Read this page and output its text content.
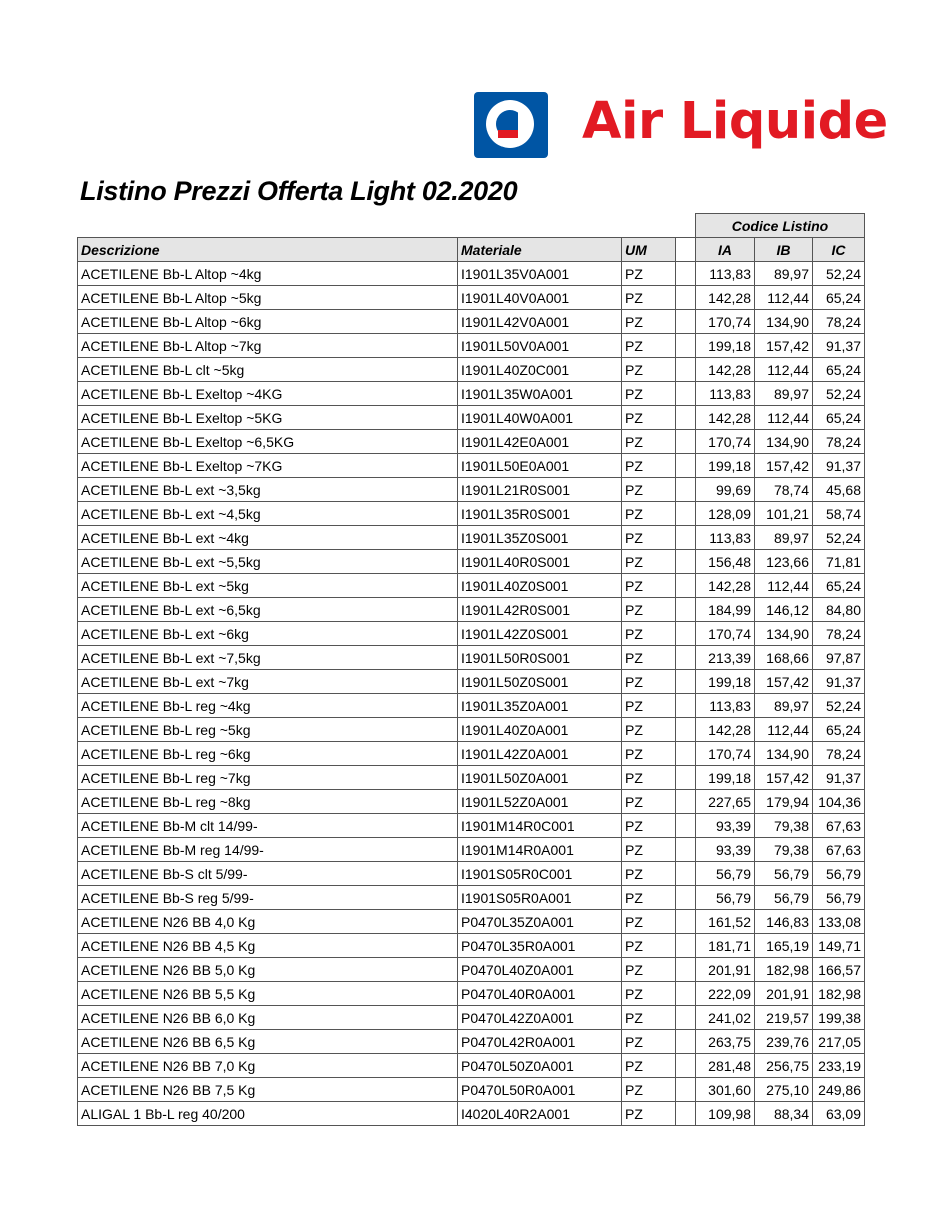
Air Liquide
Listino Prezzi Offerta Light 02.2020
				Codice Listino		
Descrizione	Materiale	UM		IA	IB	IC
ACETILENE Bb-L Altop ~4kg	I1901L35V0A001	PZ		113,83	89,97	52,24
ACETILENE Bb-L Altop ~5kg	I1901L40V0A001	PZ		142,28	112,44	65,24
ACETILENE Bb-L Altop ~6kg	I1901L42V0A001	PZ		170,74	134,90	78,24
ACETILENE Bb-L Altop ~7kg	I1901L50V0A001	PZ		199,18	157,42	91,37
ACETILENE Bb-L clt ~5kg	I1901L40Z0C001	PZ		142,28	112,44	65,24
ACETILENE Bb-L Exeltop ~4KG	I1901L35W0A001	PZ		113,83	89,97	52,24
ACETILENE Bb-L Exeltop ~5KG	I1901L40W0A001	PZ		142,28	112,44	65,24
ACETILENE Bb-L Exeltop ~6,5KG	I1901L42E0A001	PZ		170,74	134,90	78,24
ACETILENE Bb-L Exeltop ~7KG	I1901L50E0A001	PZ		199,18	157,42	91,37
ACETILENE Bb-L ext ~3,5kg	I1901L21R0S001	PZ		99,69	78,74	45,68
ACETILENE Bb-L ext ~4,5kg	I1901L35R0S001	PZ		128,09	101,21	58,74
ACETILENE Bb-L ext ~4kg	I1901L35Z0S001	PZ		113,83	89,97	52,24
ACETILENE Bb-L ext ~5,5kg	I1901L40R0S001	PZ		156,48	123,66	71,81
ACETILENE Bb-L ext ~5kg	I1901L40Z0S001	PZ		142,28	112,44	65,24
ACETILENE Bb-L ext ~6,5kg	I1901L42R0S001	PZ		184,99	146,12	84,80
ACETILENE Bb-L ext ~6kg	I1901L42Z0S001	PZ		170,74	134,90	78,24
ACETILENE Bb-L ext ~7,5kg	I1901L50R0S001	PZ		213,39	168,66	97,87
ACETILENE Bb-L ext ~7kg	I1901L50Z0S001	PZ		199,18	157,42	91,37
ACETILENE Bb-L reg ~4kg	I1901L35Z0A001	PZ		113,83	89,97	52,24
ACETILENE Bb-L reg ~5kg	I1901L40Z0A001	PZ		142,28	112,44	65,24
ACETILENE Bb-L reg ~6kg	I1901L42Z0A001	PZ		170,74	134,90	78,24
ACETILENE Bb-L reg ~7kg	I1901L50Z0A001	PZ		199,18	157,42	91,37
ACETILENE Bb-L reg ~8kg	I1901L52Z0A001	PZ		227,65	179,94	104,36
ACETILENE Bb-M clt 14/99-	I1901M14R0C001	PZ		93,39	79,38	67,63
ACETILENE Bb-M reg 14/99-	I1901M14R0A001	PZ		93,39	79,38	67,63
ACETILENE Bb-S clt 5/99-	I1901S05R0C001	PZ		56,79	56,79	56,79
ACETILENE Bb-S reg 5/99-	I1901S05R0A001	PZ		56,79	56,79	56,79
ACETILENE N26 BB 4,0 Kg	P0470L35Z0A001	PZ		161,52	146,83	133,08
ACETILENE N26 BB 4,5 Kg	P0470L35R0A001	PZ		181,71	165,19	149,71
ACETILENE N26 BB 5,0 Kg	P0470L40Z0A001	PZ		201,91	182,98	166,57
ACETILENE N26 BB 5,5 Kg	P0470L40R0A001	PZ		222,09	201,91	182,98
ACETILENE N26 BB 6,0 Kg	P0470L42Z0A001	PZ		241,02	219,57	199,38
ACETILENE N26 BB 6,5 Kg	P0470L42R0A001	PZ		263,75	239,76	217,05
ACETILENE N26 BB 7,0 Kg	P0470L50Z0A001	PZ		281,48	256,75	233,19
ACETILENE N26 BB 7,5 Kg	P0470L50R0A001	PZ		301,60	275,10	249,86
ALIGAL 1 Bb-L reg 40/200	I4020L40R2A001	PZ		109,98	88,34	63,09
